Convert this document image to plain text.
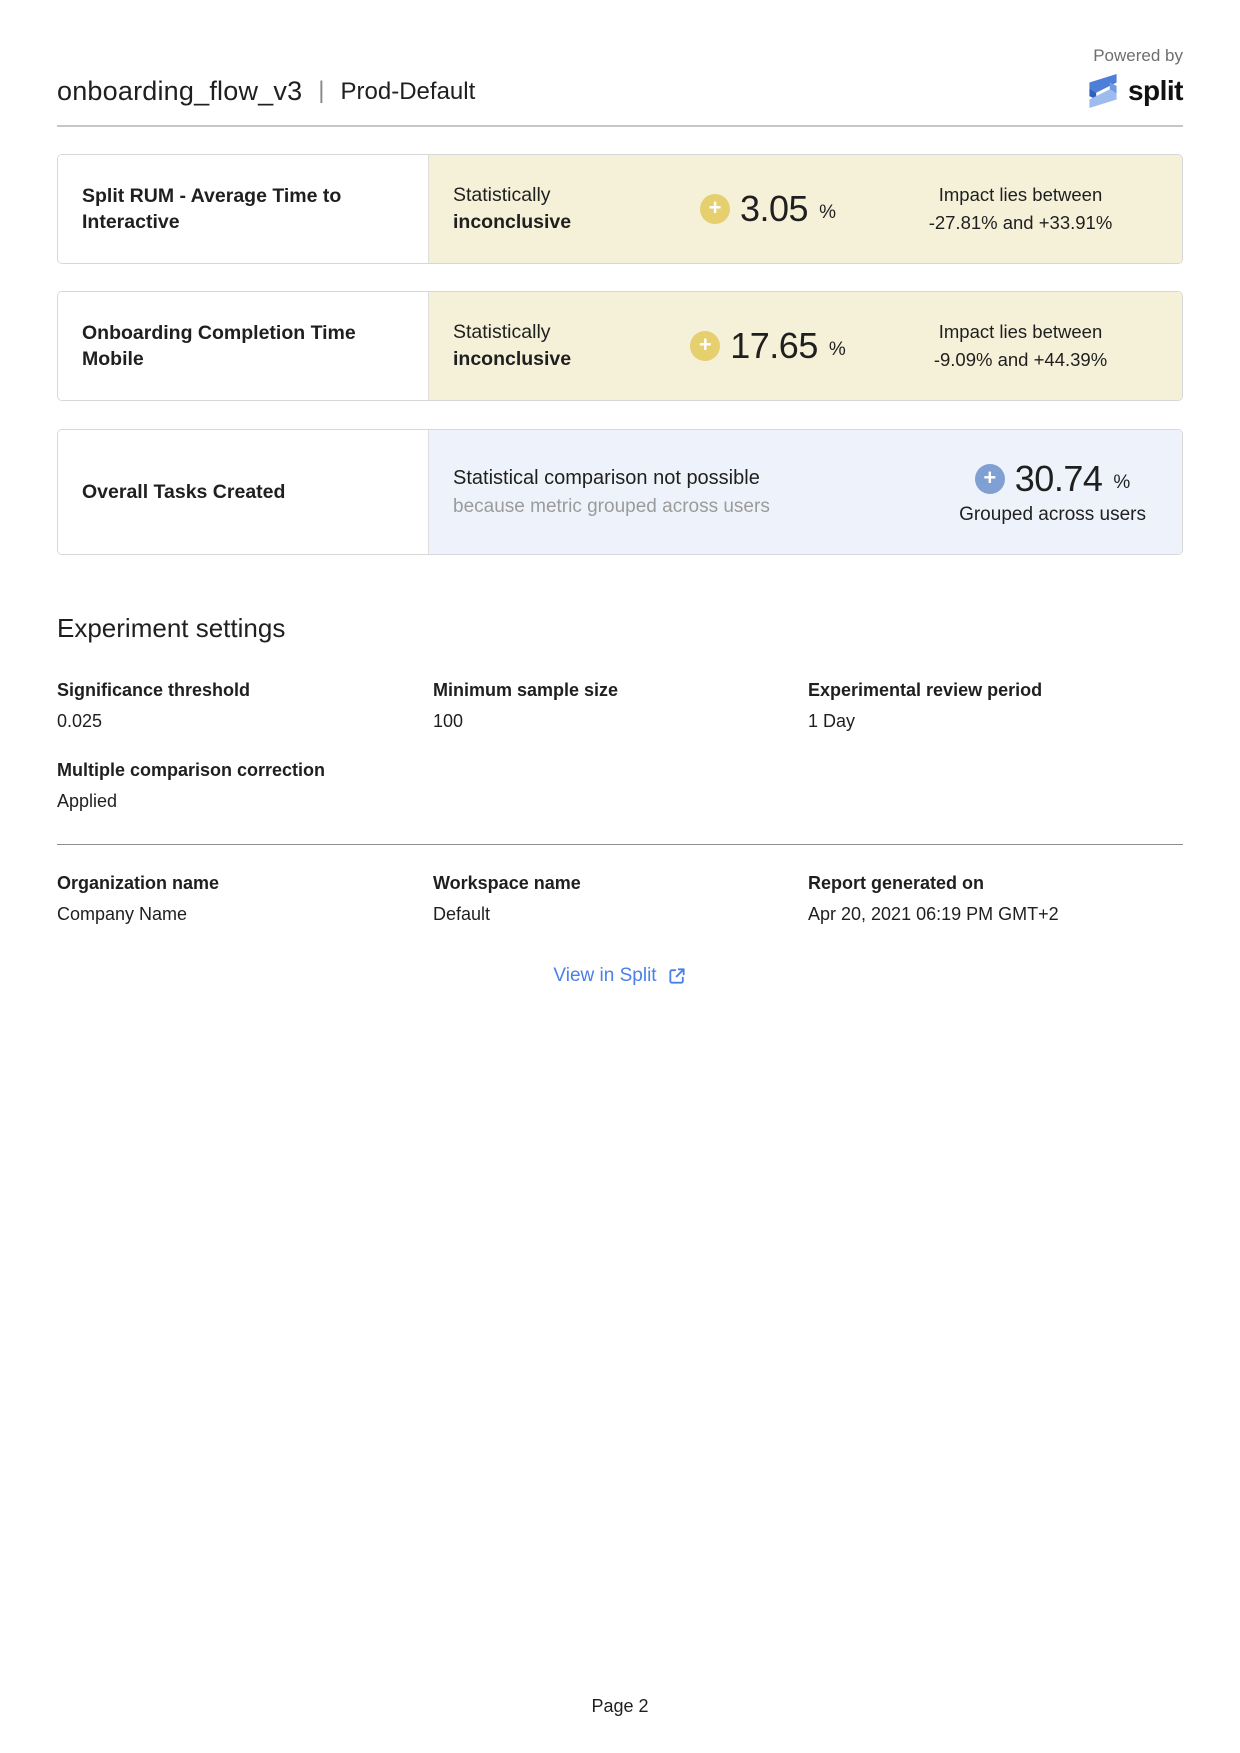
onboarding_flow_v3 | Prod-Default
Powered by
split
Split RUM - Average Time to Interactive
Statistically
inconclusive
+ 3.05 %
Impact lies between
-27.81% and +33.91%
Onboarding Completion Time Mobile
Statistically
inconclusive
+ 17.65 %
Impact lies between
-9.09% and +44.39%
Overall Tasks Created
Statistical comparison not possible
because metric grouped across users
+ 30.74 %
Grouped across users
Experiment settings
Significance threshold
0.025
Minimum sample size
100
Experimental review period
1 Day
Multiple comparison correction
Applied
Organization name
Company Name
Workspace name
Default
Report generated on
Apr 20, 2021 06:19 PM GMT+2
View in Split
Page 2
